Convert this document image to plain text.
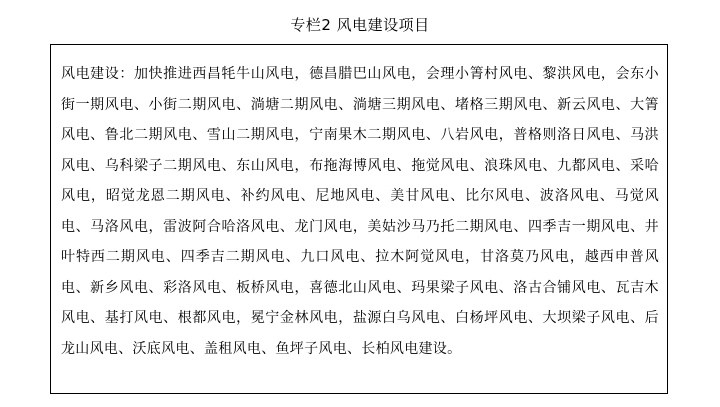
专栏2 风电建设项目

风电建设：加快推进西昌牦牛山风电，德昌腊巴山风电，会理小箐村风电、黎洪风电，会东小街一期风电、小街二期风电、淌塘二期风电、淌塘三期风电、堵格三期风电、新云风电、大箐风电、鲁北二期风电、雪山二期风电，宁南果木二期风电、八岩风电，普格则洛日风电、马洪风电、乌科梁子二期风电、东山风电，布拖海博风电、拖觉风电、浪珠风电、九都风电、采哈风电，昭觉龙恩二期风电、补约风电、尼地风电、美甘风电、比尔风电、波洛风电、马觉风电、马洛风电，雷波阿合哈洛风电、龙门风电，美姑沙马乃托二期风电、四季吉一期风电、井叶特西二期风电、四季吉二期风电、九口风电、拉木阿觉风电，甘洛莫乃风电，越西申普风电、新乡风电、彩洛风电、板桥风电，喜德北山风电、玛果梁子风电、洛古合铺风电、瓦吉木风电、基打风电、根都风电，冕宁金林风电，盐源白乌风电、白杨坪风电、大坝梁子风电、后龙山风电、沃底风电、盖租风电、鱼坪子风电、长柏风电建设。
